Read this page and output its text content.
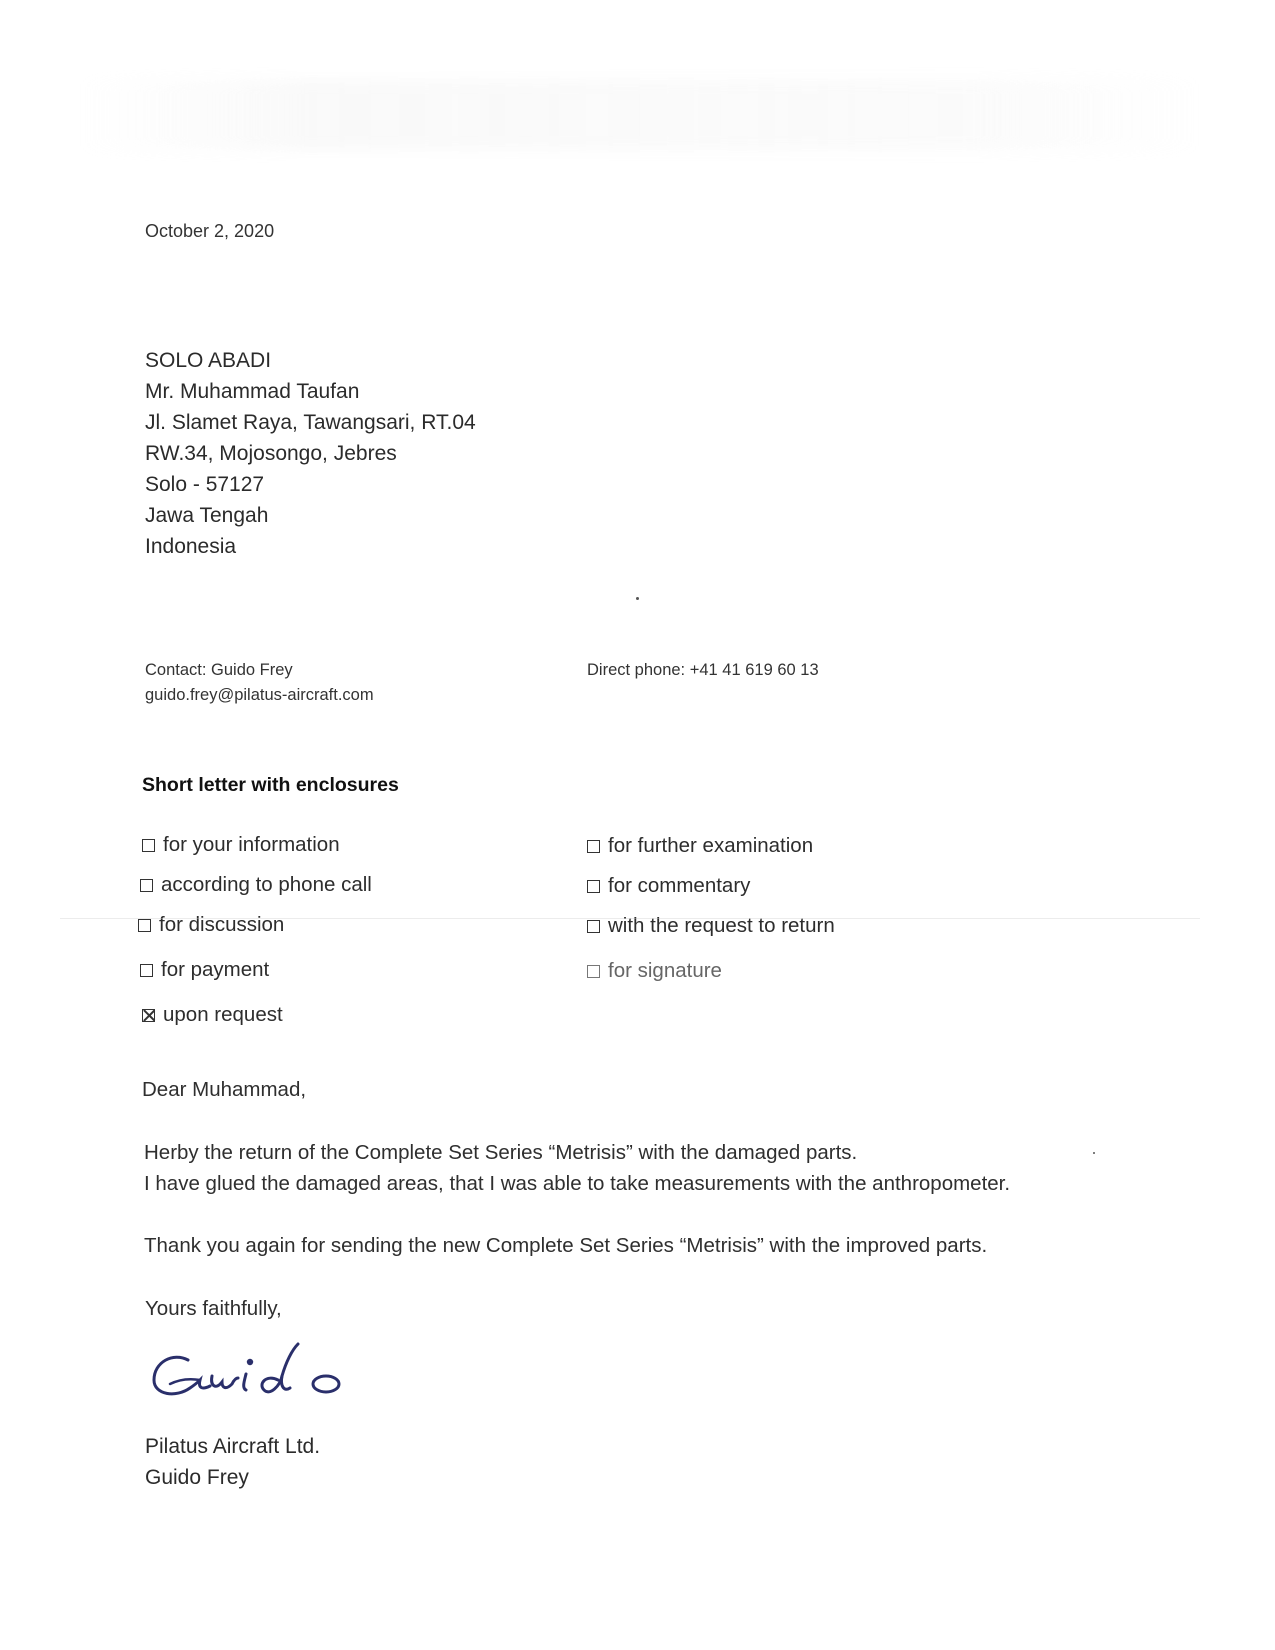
October 2, 2020
SOLO ABADI
Mr. Muhammad Taufan
Jl. Slamet Raya, Tawangsari, RT.04
RW.34, Mojosongo, Jebres
Solo - 57127
Jawa Tengah
Indonesia
Contact: Guido Frey
guido.frey@pilatus-aircraft.com
Direct phone: +41 41 619 60 13
Short letter with enclosures
for your information
according to phone call
for discussion
for payment
upon request
for further examination
for commentary
with the request to return
for signature
Dear Muhammad,
Herby the return of the Complete Set Series “Metrisis” with the damaged parts.
I have glued the damaged areas, that I was able to take measurements with the anthropometer.
Thank you again for sending the new Complete Set Series “Metrisis” with the improved parts.
Yours faithfully,
Pilatus Aircraft Ltd.
Guido Frey
